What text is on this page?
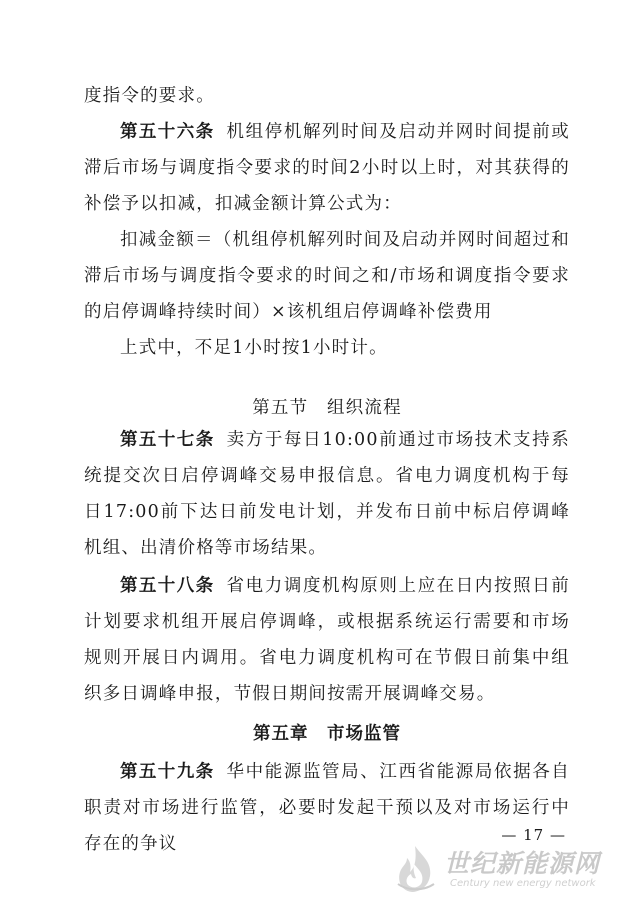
度指令的要求。

第五十六条 机组停机解列时间及启动并网时间提前或滞后市场与调度指令要求的时间2小时以上时，对其获得的补偿予以扣减，扣减金额计算公式为：

扣减金额＝（机组停机解列时间及启动并网时间超过和滞后市场与调度指令要求的时间之和/市场和调度指令要求的启停调峰持续时间）×该机组启停调峰补偿费用

上式中，不足1小时按1小时计。

第五节　组织流程

第五十七条 卖方于每日10:00前通过市场技术支持系统提交次日启停调峰交易申报信息。省电力调度机构于每日17:00前下达日前发电计划，并发布日前中标启停调峰机组、出清价格等市场结果。

第五十八条 省电力调度机构原则上应在日内按照日前计划要求机组开展启停调峰，或根据系统运行需要和市场规则开展日内调用。省电力调度机构可在节假日前集中组织多日调峰申报，节假日期间按需开展调峰交易。

第五章　市场监管

第五十九条 华中能源监管局、江西省能源局依据各自职责对市场进行监管，必要时发起干预以及对市场运行中存在的争议	— 17 —
世纪新能源网
Century new energy network
